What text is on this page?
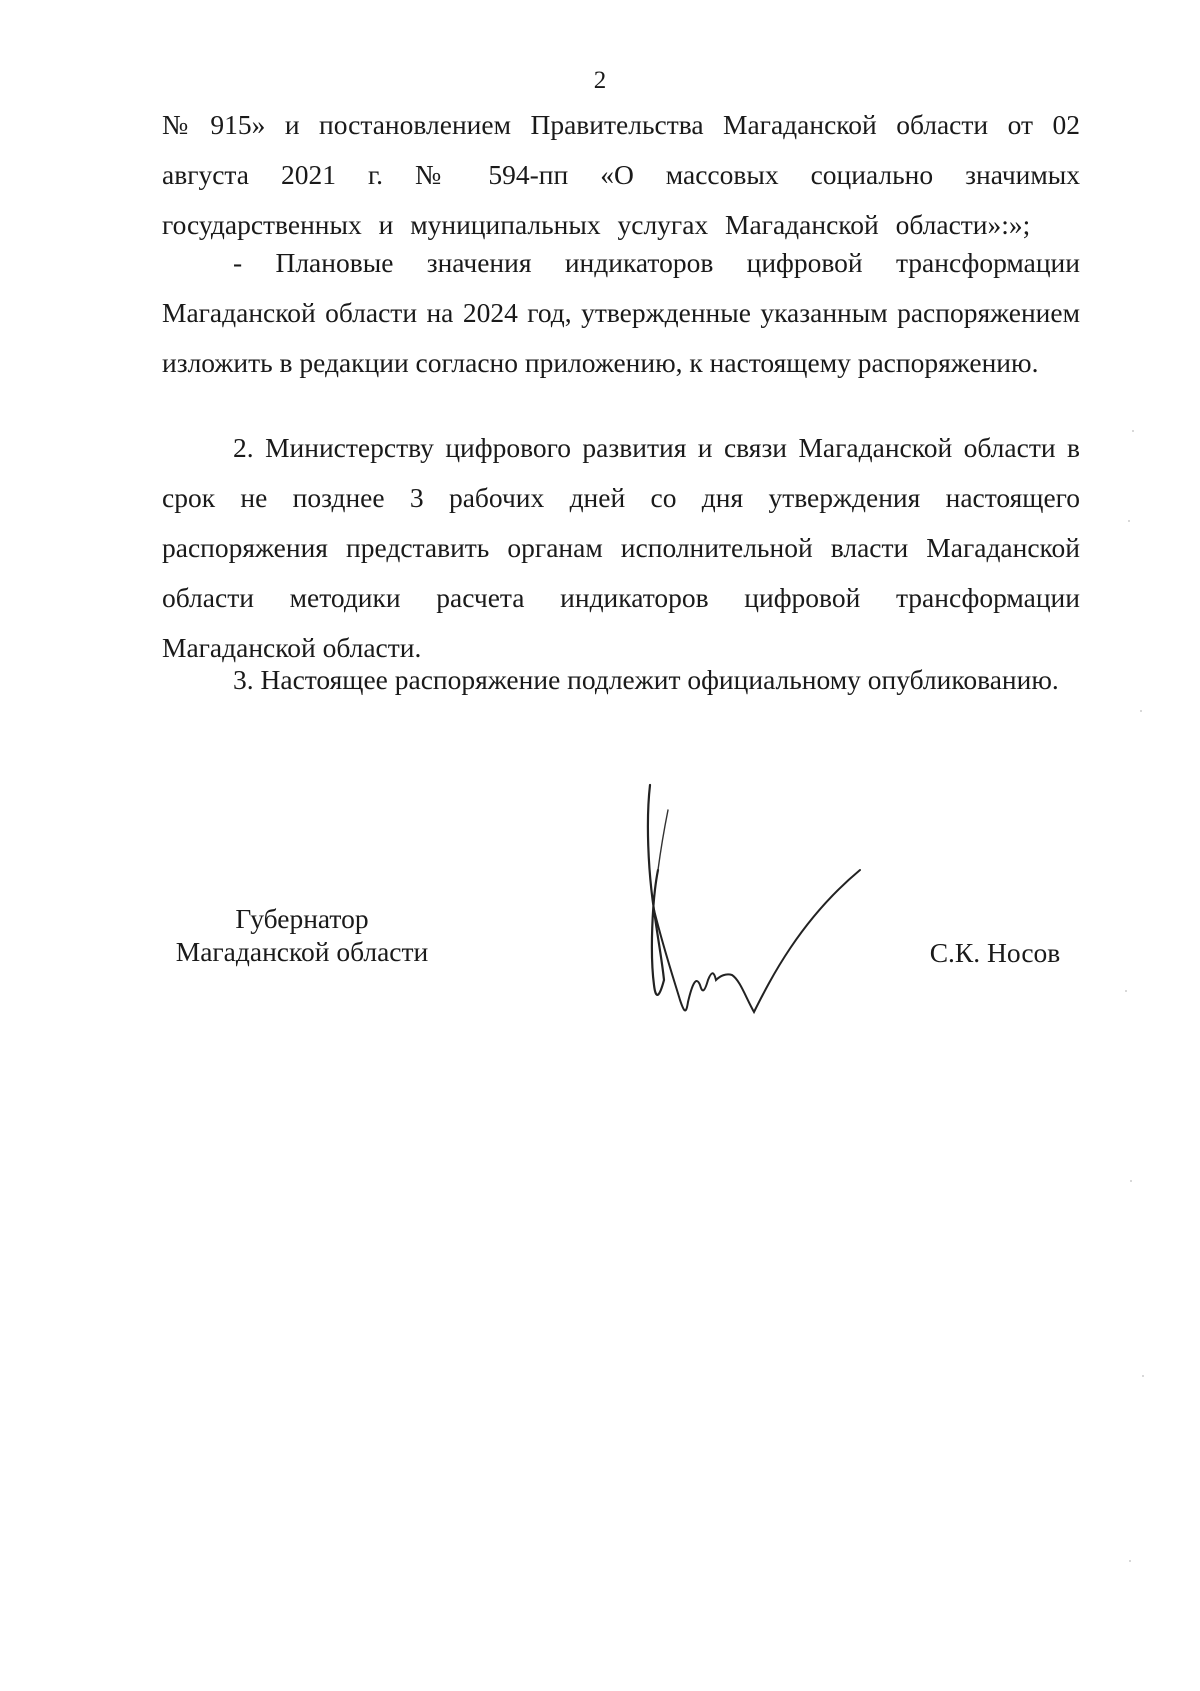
2

№ 915» и постановлением Правительства Магаданской области от 02 августа 2021 г. № 594-пп «О массовых социально значимых государственных и муниципальных услугах Магаданской области»:»;

- Плановые значения индикаторов цифровой трансформации Магаданской области на 2024 год, утвержденные указанным распоряжением изложить в редакции согласно приложению, к настоящему распоряжению.

2. Министерству цифрового развития и связи Магаданской области в срок не позднее 3 рабочих дней со дня утверждения настоящего распоряжения представить органам исполнительной власти Магаданской области методики расчета индикаторов цифровой трансформации Магаданской области.

3. Настоящее распоряжение подлежит официальному опубликованию.

Губернатор
Магаданской области	С.К. Носов
